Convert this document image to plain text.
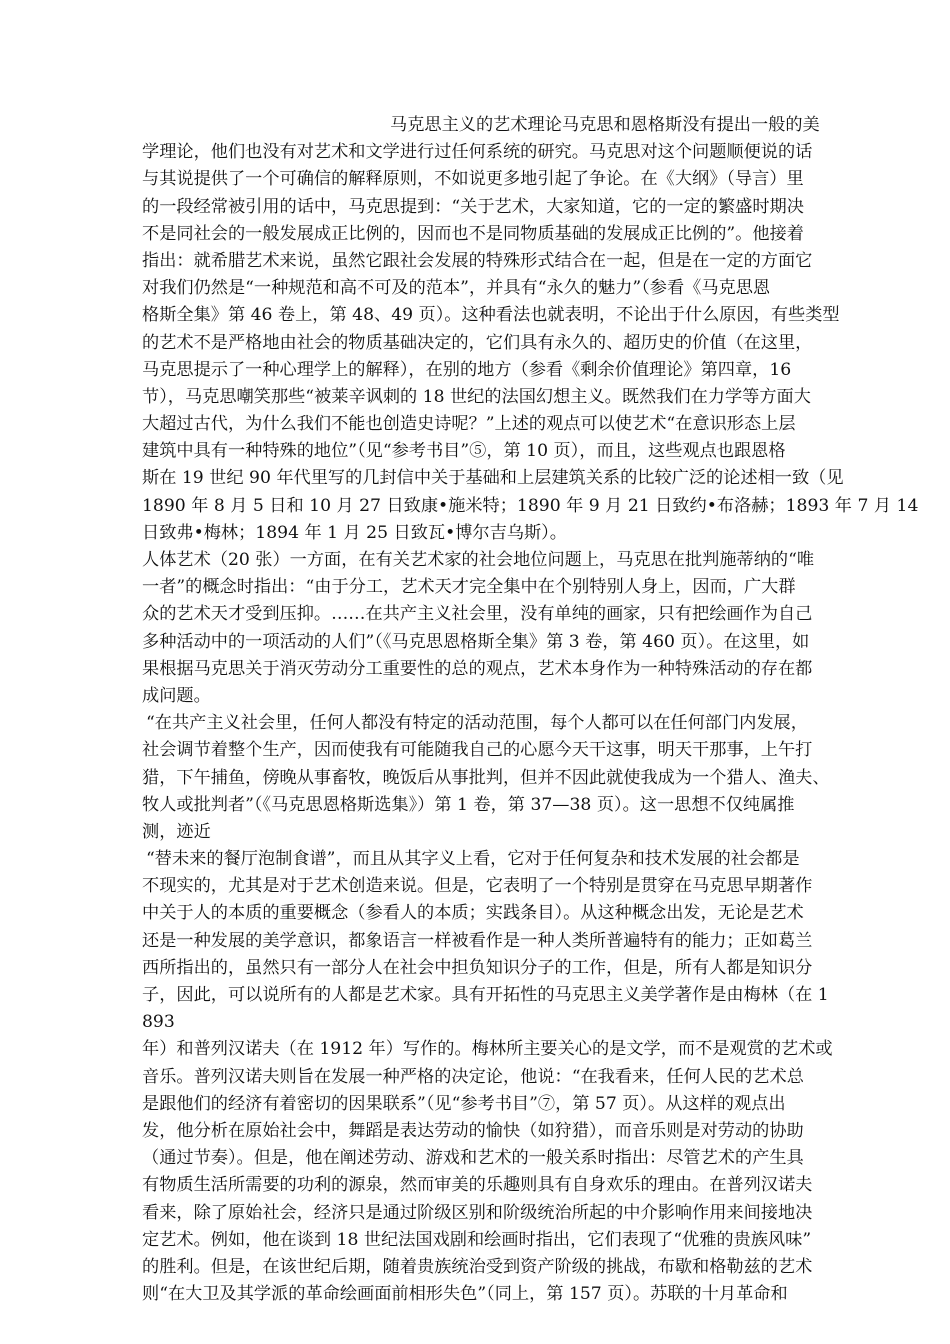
马克思主义的艺术理论马克思和恩格斯没有提出一般的美
学理论，他们也没有对艺术和文学进行过任何系统的研究。马克思对这个问题顺便说的话
与其说提供了一个可确信的解释原则，不如说更多地引起了争论。在《大纲》（导言）里
的一段经常被引用的话中，马克思提到：“关于艺术，大家知道，它的一定的繁盛时期决
不是同社会的一般发展成正比例的，因而也不是同物质基础的发展成正比例的”。他接着
指出：就希腊艺术来说，虽然它跟社会发展的特殊形式结合在一起，但是在一定的方面它
对我们仍然是“一种规范和高不可及的范本”，并具有“永久的魅力”（参看《马克思恩
格斯全集》第 46 卷上，第 48、49 页）。这种看法也就表明，不论出于什么原因，有些类型
的艺术不是严格地由社会的物质基础决定的，它们具有永久的、超历史的价值（在这里，
马克思提示了一种心理学上的解释），在别的地方（参看《剩余价值理论》第四章，16
节），马克思嘲笑那些“被莱辛讽刺的 18 世纪的法国幻想主义。既然我们在力学等方面大
大超过古代，为什么我们不能也创造史诗呢？”上述的观点可以使艺术“在意识形态上层
建筑中具有一种特殊的地位”（见“参考书目”⑤，第 10 页），而且，这些观点也跟恩格
斯在 19 世纪 90 年代里写的几封信中关于基础和上层建筑关系的比较广泛的论述相一致（见
1890 年 8 月 5 日和 10 月 27 日致康•施米特；1890 年 9 月 21 日致约•布洛赫；1893 年 7 月 14
日致弗•梅林；1894 年 1 月 25 日致瓦•博尔吉乌斯）。
人体艺术（20 张）一方面，在有关艺术家的社会地位问题上，马克思在批判施蒂纳的“唯
一者”的概念时指出：“由于分工，艺术天才完全集中在个别特别人身上，因而，广大群
众的艺术天才受到压抑。……在共产主义社会里，没有单纯的画家，只有把绘画作为自己
多种活动中的一项活动的人们”（《马克思恩格斯全集》第 3 卷，第 460 页）。在这里，如
果根据马克思关于消灭劳动分工重要性的总的观点，艺术本身作为一种特殊活动的存在都
成问题。
“在共产主义社会里，任何人都没有特定的活动范围，每个人都可以在任何部门内发展，
社会调节着整个生产，因而使我有可能随我自己的心愿今天干这事，明天干那事，上午打
猎，下午捕鱼，傍晚从事畜牧，晚饭后从事批判，但并不因此就使我成为一个猎人、渔夫、
牧人或批判者”（《马克思恩格斯选集》）第 1 卷，第 37—38 页）。这一思想不仅纯属推
测，迹近
“替未来的餐厅泡制食谱”，而且从其字义上看，它对于任何复杂和技术发展的社会都是
不现实的，尤其是对于艺术创造来说。但是，它表明了一个特别是贯穿在马克思早期著作
中关于人的本质的重要概念（参看人的本质；实践条目）。从这种概念出发，无论是艺术
还是一种发展的美学意识，都象语言一样被看作是一种人类所普遍特有的能力；正如葛兰
西所指出的，虽然只有一部分人在社会中担负知识分子的工作，但是，所有人都是知识分
子，因此，可以说所有的人都是艺术家。具有开拓性的马克思主义美学著作是由梅林（在 1
893
年）和普列汉诺夫（在 1912 年）写作的。梅林所主要关心的是文学，而不是观赏的艺术或
音乐。普列汉诺夫则旨在发展一种严格的决定论，他说：“在我看来，任何人民的艺术总
是跟他们的经济有着密切的因果联系”（见“参考书目”⑦，第 57 页）。从这样的观点出
发，他分析在原始社会中，舞蹈是表达劳动的愉快（如狩猎），而音乐则是对劳动的协助
（通过节奏）。但是，他在阐述劳动、游戏和艺术的一般关系时指出：尽管艺术的产生具
有物质生活所需要的功利的源泉，然而审美的乐趣则具有自身欢乐的理由。在普列汉诺夫
看来，除了原始社会，经济只是通过阶级区别和阶级统治所起的中介影响作用来间接地决
定艺术。例如，他在谈到 18 世纪法国戏剧和绘画时指出，它们表现了“优雅的贵族风味”
的胜利。但是，在该世纪后期，随着贵族统治受到资产阶级的挑战，布歇和格勒兹的艺术
则“在大卫及其学派的革命绘画面前相形失色”（同上，第 157 页）。苏联的十月革命和
